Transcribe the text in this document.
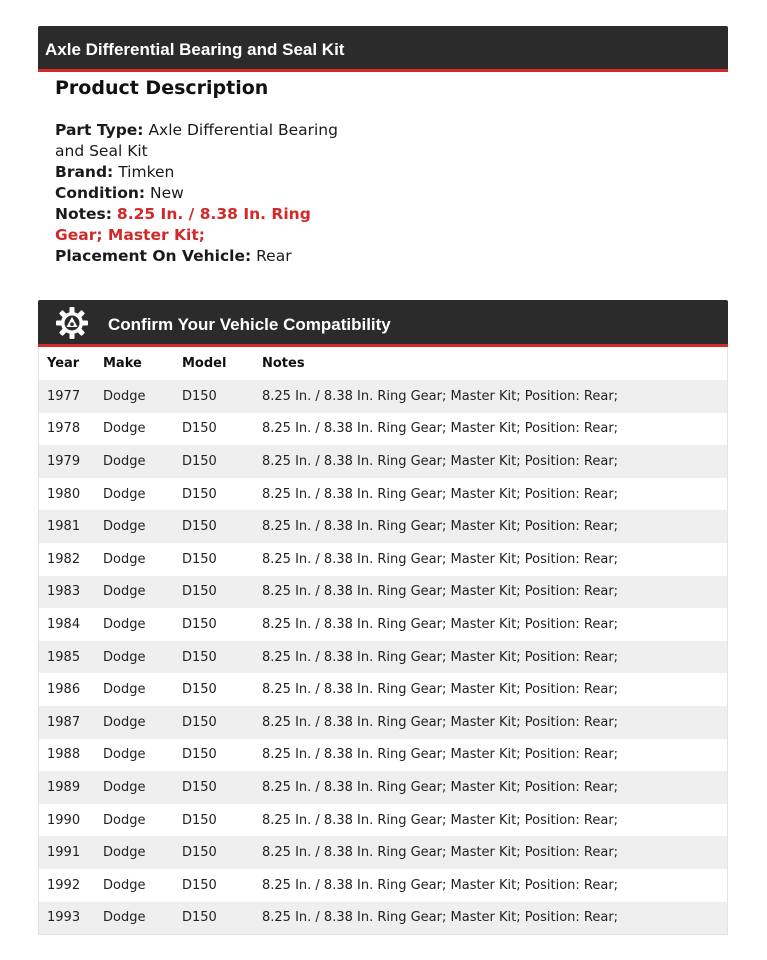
Axle Differential Bearing and Seal Kit
Product Description
Part Type: Axle Differential Bearing and Seal Kit
Brand: Timken
Condition: New
Notes: 8.25 In. / 8.38 In. Ring Gear; Master Kit;
Placement On Vehicle: Rear
Confirm Your Vehicle Compatibility
Year	Make	Model	Notes
1977	Dodge	D150	8.25 In. / 8.38 In. Ring Gear; Master Kit; Position: Rear;
1978	Dodge	D150	8.25 In. / 8.38 In. Ring Gear; Master Kit; Position: Rear;
1979	Dodge	D150	8.25 In. / 8.38 In. Ring Gear; Master Kit; Position: Rear;
1980	Dodge	D150	8.25 In. / 8.38 In. Ring Gear; Master Kit; Position: Rear;
1981	Dodge	D150	8.25 In. / 8.38 In. Ring Gear; Master Kit; Position: Rear;
1982	Dodge	D150	8.25 In. / 8.38 In. Ring Gear; Master Kit; Position: Rear;
1983	Dodge	D150	8.25 In. / 8.38 In. Ring Gear; Master Kit; Position: Rear;
1984	Dodge	D150	8.25 In. / 8.38 In. Ring Gear; Master Kit; Position: Rear;
1985	Dodge	D150	8.25 In. / 8.38 In. Ring Gear; Master Kit; Position: Rear;
1986	Dodge	D150	8.25 In. / 8.38 In. Ring Gear; Master Kit; Position: Rear;
1987	Dodge	D150	8.25 In. / 8.38 In. Ring Gear; Master Kit; Position: Rear;
1988	Dodge	D150	8.25 In. / 8.38 In. Ring Gear; Master Kit; Position: Rear;
1989	Dodge	D150	8.25 In. / 8.38 In. Ring Gear; Master Kit; Position: Rear;
1990	Dodge	D150	8.25 In. / 8.38 In. Ring Gear; Master Kit; Position: Rear;
1991	Dodge	D150	8.25 In. / 8.38 In. Ring Gear; Master Kit; Position: Rear;
1992	Dodge	D150	8.25 In. / 8.38 In. Ring Gear; Master Kit; Position: Rear;
1993	Dodge	D150	8.25 In. / 8.38 In. Ring Gear; Master Kit; Position: Rear;
